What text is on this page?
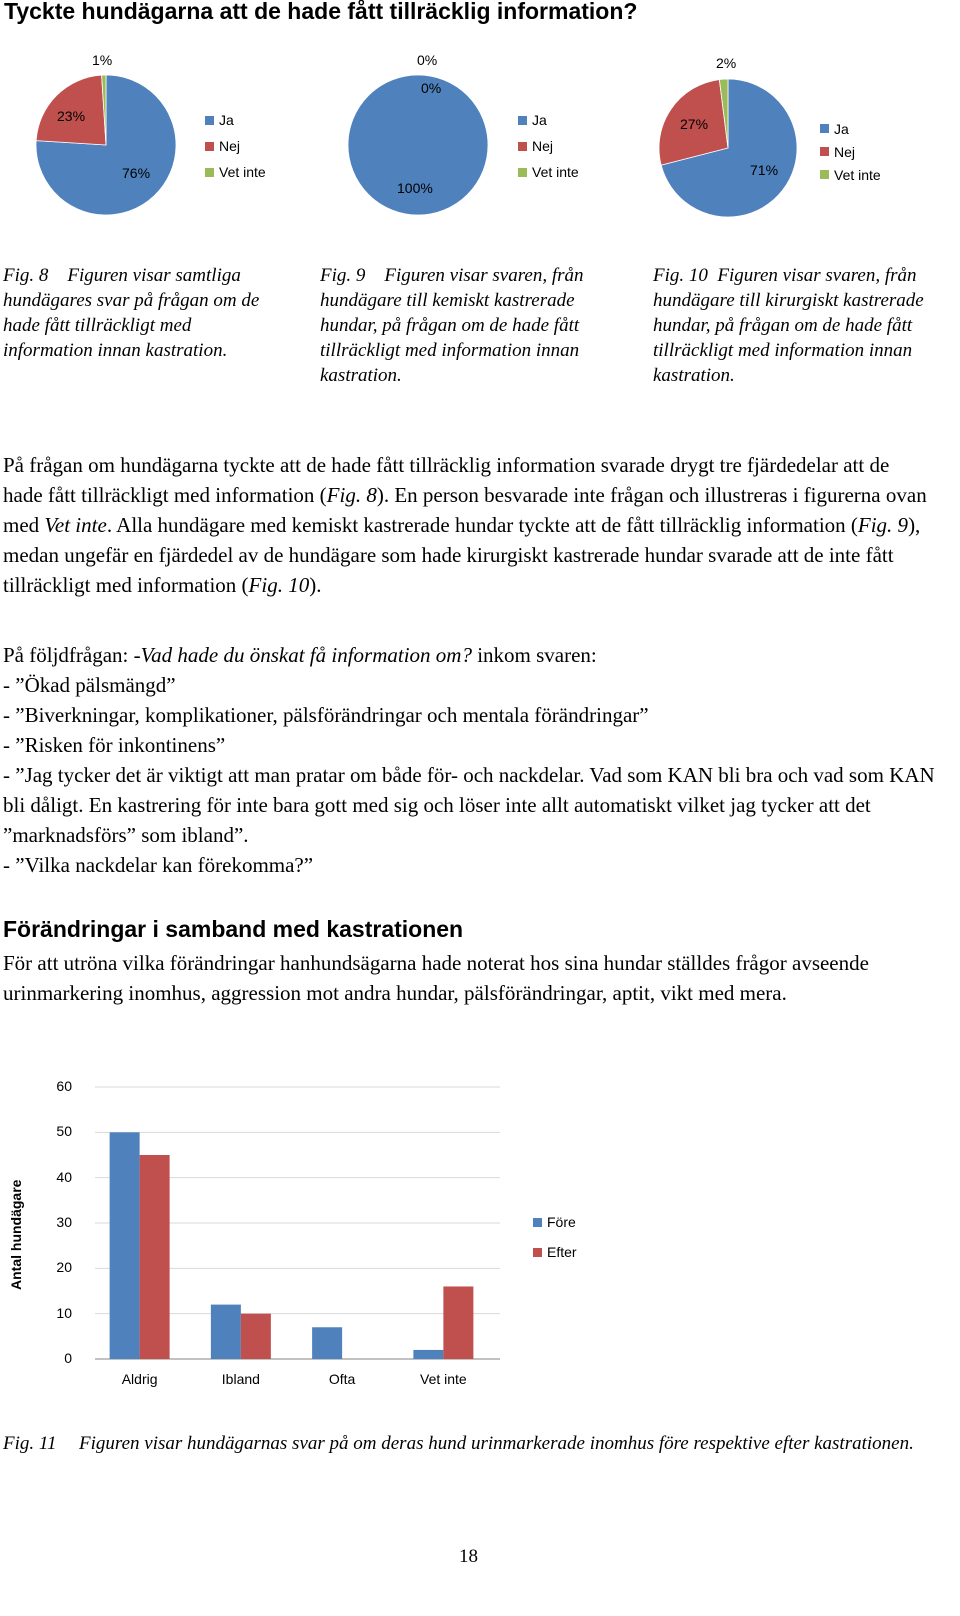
Tyckte hundägarna att de hade fått tillräcklig information?
1%
23%
76%
0%
0%
100%
2%
27%
71%
Ja
Nej
Vet inte
Ja
Nej
Vet inte
Ja
Nej
Vet inte
Fig. 8 Figuren visar samtliga hundägares svar på frågan om de hade fått tillräckligt med information innan kastration.
Fig. 9 Figuren visar svaren, från hundägare till kemiskt kastrerade hundar, på frågan om de hade fått tillräckligt med information innan kastration.
Fig. 10 Figuren visar svaren, från hundägare till kirurgiskt kastrerade hundar, på frågan om de hade fått tillräckligt med information innan kastration.
På frågan om hundägarna tyckte att de hade fått tillräcklig information svarade drygt tre fjärdedelar att de hade fått tillräckligt med information (Fig. 8). En person besvarade inte frågan och illustreras i figurerna ovan med Vet inte. Alla hundägare med kemiskt kastrerade hundar tyckte att de fått tillräcklig information (Fig. 9), medan ungefär en fjärdedel av de hundägare som hade kirurgiskt kastrerade hundar svarade att de inte fått tillräckligt med information (Fig. 10).
På följdfrågan: -Vad hade du önskat få information om? inkom svaren:
- ”Ökad pälsmängd”
- ”Biverkningar, komplikationer, pälsförändringar och mentala förändringar”
- ”Risken för inkontinens”
- ”Jag tycker det är viktigt att man pratar om både för- och nackdelar. Vad som KAN bli bra och vad som KAN bli dåligt. En kastrering för inte bara gott med sig och löser inte allt automatiskt vilket jag tycker att det ”marknadsförs” som ibland”.
- ”Vilka nackdelar kan förekomma?”
Förändringar i samband med kastrationen
För att utröna vilka förändringar hanhundsägarna hade noterat hos sina hundar ställdes frågor avseende urinmarkering inomhus, aggression mot andra hundar, pälsförändringar, aptit, vikt med mera.
Antal hundägare
0
10
20
30
40
50
60
Aldrig	Ibland	Ofta	Vet inte
Före
Efter
Fig. 11 Figuren visar hundägarnas svar på om deras hund urinmarkerade inomhus före respektive efter kastrationen.
18
